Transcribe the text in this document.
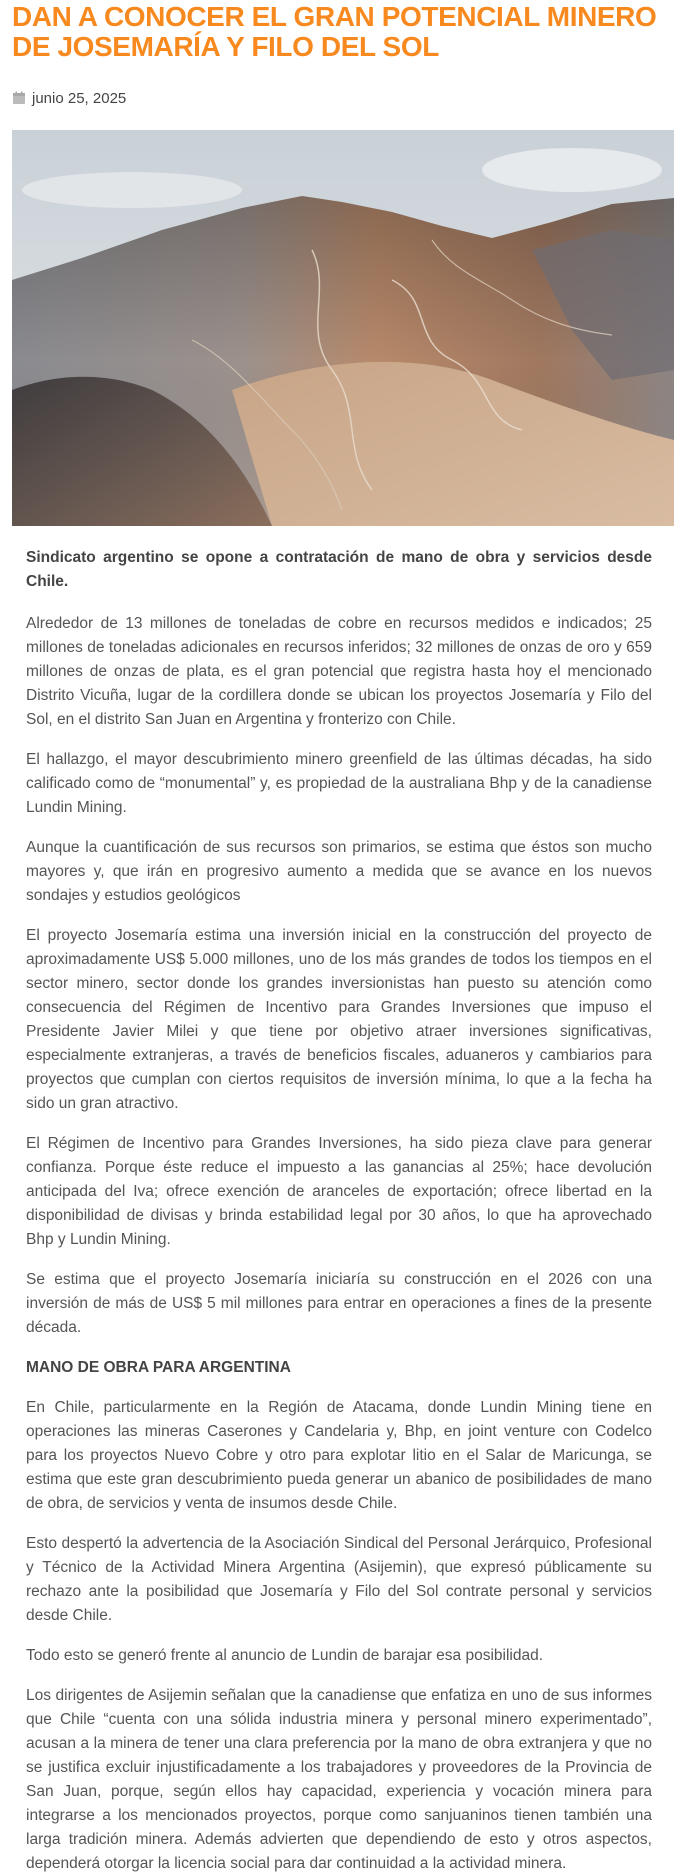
DAN A CONOCER EL GRAN POTENCIAL MINERO DE JOSEMARÍA Y FILO DEL SOL
junio 25, 2025

Sindicato argentino se opone a contratación de mano de obra y servicios desde Chile.

Alrededor de 13 millones de toneladas de cobre en recursos medidos e indicados; 25 millones de toneladas adicionales en recursos inferidos; 32 millones de onzas de oro y 659 millones de onzas de plata, es el gran potencial que registra hasta hoy el mencionado Distrito Vicuña, lugar de la cordillera donde se ubican los proyectos Josemaría y Filo del Sol, en el distrito San Juan en Argentina y fronterizo con Chile.

El hallazgo, el mayor descubrimiento minero greenfield de las últimas décadas, ha sido calificado como de “monumental” y, es propiedad de la australiana Bhp y de la canadiense Lundin Mining.

Aunque la cuantificación de sus recursos son primarios, se estima que éstos son mucho mayores y, que irán en progresivo aumento a medida que se avance en los nuevos sondajes y estudios geológicos

El proyecto Josemaría estima una inversión inicial en la construcción del proyecto de aproximadamente US$ 5.000 millones, uno de los más grandes de todos los tiempos en el sector minero, sector donde los grandes inversionistas han puesto su atención como consecuencia del Régimen de Incentivo para Grandes Inversiones que impuso el Presidente Javier Milei y que tiene por objetivo atraer inversiones significativas, especialmente extranjeras, a través de beneficios fiscales, aduaneros y cambiarios para proyectos que cumplan con ciertos requisitos de inversión mínima, lo que a la fecha ha sido un gran atractivo.

El Régimen de Incentivo para Grandes Inversiones, ha sido pieza clave para generar confianza. Porque éste reduce el impuesto a las ganancias al 25%; hace devolución anticipada del Iva; ofrece exención de aranceles de exportación; ofrece libertad en la disponibilidad de divisas y brinda estabilidad legal por 30 años, lo que ha aprovechado Bhp y Lundin Mining.

Se estima que el proyecto Josemaría iniciaría su construcción en el 2026 con una inversión de más de US$ 5 mil millones para entrar en operaciones a fines de la presente década.

MANO DE OBRA PARA ARGENTINA

En Chile, particularmente en la Región de Atacama, donde Lundin Mining tiene en operaciones las mineras Caserones y Candelaria y, Bhp, en joint venture con Codelco para los proyectos Nuevo Cobre y otro para explotar litio en el Salar de Maricunga, se estima que este gran descubrimiento pueda generar un abanico de posibilidades de mano de obra, de servicios y venta de insumos desde Chile.

Esto despertó la advertencia de la Asociación Sindical del Personal Jerárquico, Profesional y Técnico de la Actividad Minera Argentina (Asijemin), que expresó públicamente su rechazo ante la posibilidad que Josemaría y Filo del Sol contrate personal y servicios desde Chile.

Todo esto se generó frente al anuncio de Lundin de barajar esa posibilidad.

Los dirigentes de Asijemin señalan que la canadiense que enfatiza en uno de sus informes que Chile “cuenta con una sólida industria minera y personal minero experimentado”, acusan a la minera de tener una clara preferencia por la mano de obra extranjera y que no se justifica excluir injustificadamente a los trabajadores y proveedores de la Provincia de San Juan, porque, según ellos hay capacidad, experiencia y vocación minera para integrarse a los mencionados proyectos, porque como sanjuaninos tienen también una larga tradición minera. Además advierten que dependiendo de esto y otros aspectos, dependerá otorgar la licencia social para dar continuidad a la actividad minera.
